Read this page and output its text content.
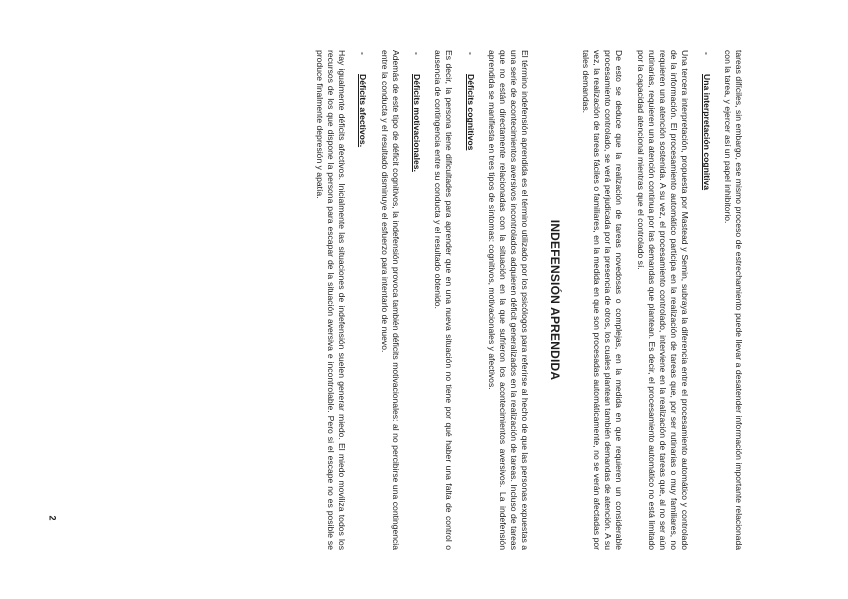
tareas difíciles, sin embargo, ese mismo proceso de estrechamiento puede llevar a desatender información importante relacionada con la tarea, y ejercer así un papel inhibitorio.

-Una interpretación cognitiva

Una tercera interpretación, propuesta por Mastead y Semin, subraya la diferencia entre el procesamiento automático y controlado de la información. El procesamiento automático participa en la realización de tareas que, por ser rutinarias o muy familiares, no requieren una atención sostenida. A su vez, el procesamiento controlado, interviene en la realización de tareas que, al no ser aún rutinarias, requieren una atención continua por las demandas que plantean. Es decir, el procesamiento automático no está limitado por la capacidad atencional mientras que el controlado sí.

De esto se deduce que la realización de tareas novedosas o complejas, en la medida en que requieren un considerable procesamiento controlado, se verá perjudicada por la presencia de otros, los cuales plantean también demandas de atención. A su vez, la realización de tareas fáciles o familiares, en la medida en que son procesadas automáticamente, no se verán afectadas por tales demandas.

INDEFENSIÓN APRENDIDA

El término indefensión aprendida es el término utilizado por los psicólogos para referirse al hecho de que las personas expuestas a una serie de acontecimientos aversivos incontrolados adquieren déficit generalizados en la realización de tareas. Incluso de tareas que no están directamente relacionadas con la situación en la que sufrieron los acontecimientos aversivos. La indefensión aprendida se manifiesta en tres tipos de síntomas: cognitivos, motivacionales y afectivos.

-Déficits cognitivos

Es decir, la persona tiene dificultades para aprender que en una nueva situación no tiene por qué haber una falta de control o ausencia de contingencia entre su conducta y el resultado obtenido.

-Déficits motivacionales.

Además de este tipo de déficit cognitivos, la indefensión provoca también déficits motivacionales: al no percibirse una contingencia entre la conducta y el resultado disminuye el esfuerzo para intentarlo de nuevo.

-Déficits afectivos.

Hay igualmente déficits afectivos. Inicialmente las situaciones de indefensión suelen generar miedo. El miedo moviliza todos los recursos de los que dispone la persona para escapar de la situación aversiva e incontrolable. Pero si el escape no es posible se produce finalmente depresión y apatía.

2
